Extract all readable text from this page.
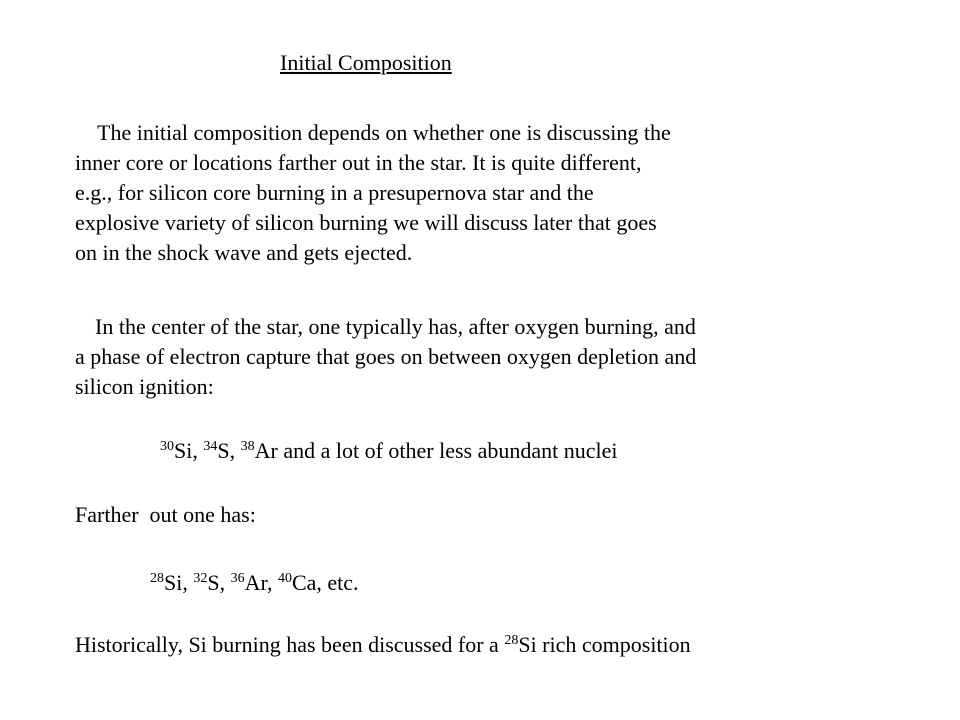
Initial Composition

The initial composition depends on whether one is discussing the
inner core or locations farther out in the star. It is quite different,
e.g., for silicon core burning in a presupernova star and the
explosive variety of silicon burning we will discuss later that goes
on in the shock wave and gets ejected.

In the center of the star, one typically has, after oxygen burning, and
a phase of electron capture that goes on between oxygen depletion and
silicon ignition:

$^{30}$Si, $^{34}$S, $^{38}$Ar and a lot of other less abundant nuclei
Farther  out one has:
$^{28}$Si, $^{32}$S, $^{36}$Ar, $^{40}$Ca, etc.
Historically, Si burning has been discussed for a $^{28}$Si rich composition
